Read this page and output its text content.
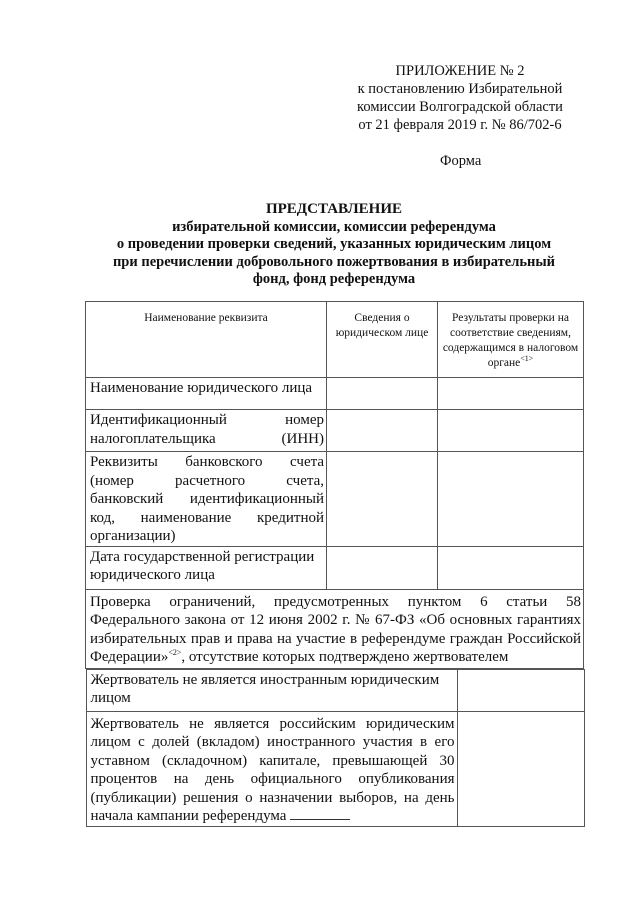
ПРИЛОЖЕНИЕ № 2
к постановлению Избирательной
комиссии Волгоградской области
от 21 февраля 2019 г. № 86/702-6
Форма
ПРЕДСТАВЛЕНИЕ
избирательной комиссии, комиссии референдума
о проведении проверки сведений, указанных юридическим лицом
при перечислении добровольного пожертвования в избирательный
фонд, фонд референдума
Наименование реквизита	Сведения о юридическом лице	Результаты проверки на соответствие сведениям, содержащимся в налоговом органе$^{<1>}$
Наименование юридического лица		
Идентификационный номер налогоплательщика (ИНН)		
Реквизиты банковского счета (номер расчетного счета, банковский идентификационный код, наименование кредитной организации)		
Дата государственной регистрации юридического лица		
Проверка ограничений, предусмотренных пунктом 6 статьи 58 Федерального закона от 12 июня 2002 г. № 67-ФЗ «Об основных гарантиях избирательных прав и права на участие в референдуме граждан Российской Федерации»$^{<2>}$, отсутствие которых подтверждено жертвователем

Жертвователь не является иностранным юридическим лицом	
Жертвователь не является российским юридическим лицом с долей (вкладом) иностранного участия в его уставном (складочном) капитале, превышающей 30 процентов на день официального опубликования (публикации) решения о назначении выборов, на день начала кампании референдума	
